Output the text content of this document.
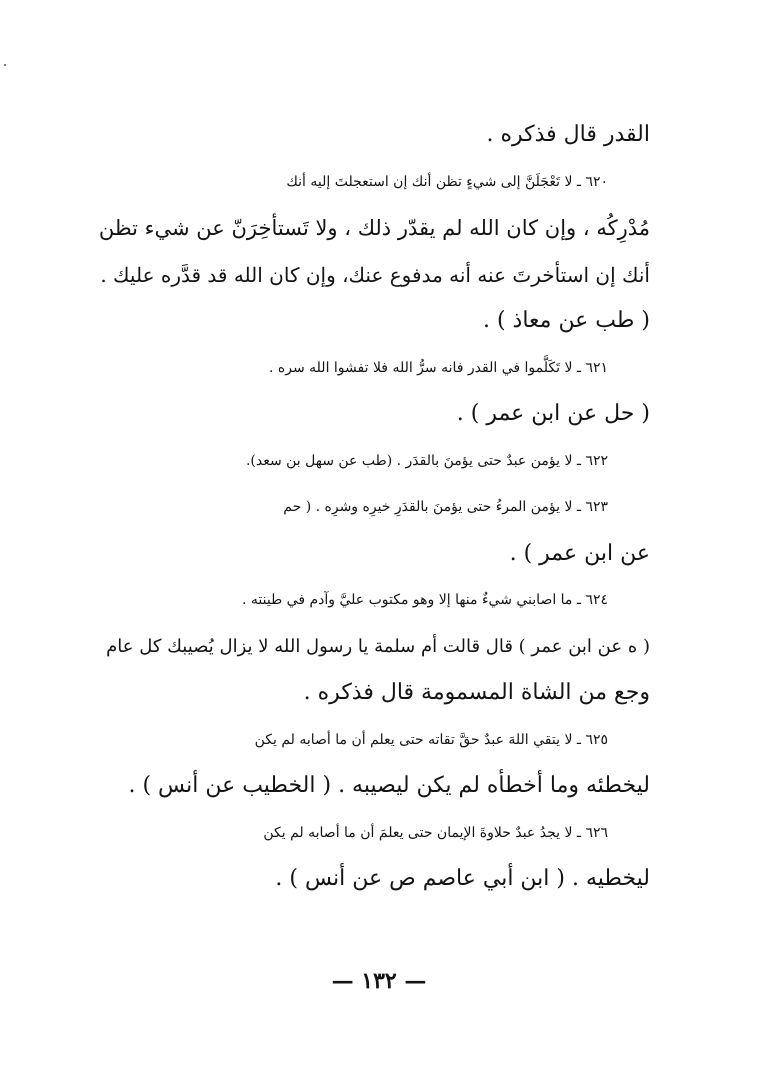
القدر قال فذكره .
٦٢٠ ـ لا تَعْجَلَنَّ إلى شيءٍ تظن أنك إن استعجلتَ إليه أنك
مُدْرِكُه ، وإن كان الله لم يقدّر ذلك ، ولا تَستأخِرَنّ عن شيء تظن
أنك إن استأخرتَ عنه أنه مدفوع عنك، وإن كان الله قد قدَّره عليك .
( طب عن معاذ ) .
٦٢١ ـ لا تَكَلَّموا في القدر فانه سرُّ الله فلا تفشوا الله سره .
( حل عن ابن عمر ) .
٦٢٢ ـ لا يؤمن عبدٌ حتى يؤمنَ بالقدَر . (طب عن سهل بن سعد).
٦٢٣ ـ لا يؤمن المرءُ حتى يؤمنَ بالقدَرِ خيرِه وشرِه . ( حم
عن ابن عمر ) .
٦٢٤ ـ ما اصابني شيءٌ منها إلا وهو مكتوب عليَّ وآدم في طينته .
( ه عن ابن عمر ) قال قالت أم سلمة يا رسول الله لا يزال يُصيبك كل عام
وجع من الشاة المسمومة قال فذكره .
٦٢٥ ـ لا يتقي اللهَ عبدٌ حقَّ تقاته حتى يعلم أن ما أصابه لم يكن
ليخطئه وما أخطأه لم يكن ليصيبه . ( الخطيب عن أنس ) .
٦٢٦ ـ لا يجدُ عبدٌ حلاوةَ الإيمان حتى يعلمَ أن ما أصابه لم يكن
ليخطيه . ( ابن أبي عاصم ص عن أنس ) .
— ١٣٢ —
